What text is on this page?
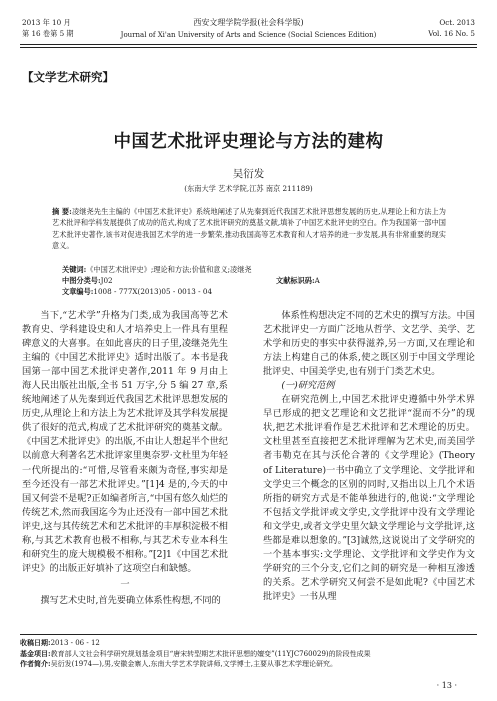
2013 年 10 月
第 16 卷第 5 期
西安文理学院学报(社会科学版)
Journal of Xi'an University of Arts and Science (Social Sciences Edition)
Oct. 2013
Vol. 16 No. 5
【文学艺术研究】
中国艺术批评史理论与方法的建构
吴衍发
(东南大学 艺术学院,江苏 南京 211189)
摘 要:凌继尧先生主编的《中国艺术批评史》系统地阐述了从先秦到近代我国艺术批评思想发展的历史,从理论上和方法上为艺术批评和学科发展提供了成功的范式,构成了艺术批评研究的奠基文献,填补了中国艺术批评史的空白。作为我国第一部中国艺术批评史著作,该书对促进我国艺术学的进一步繁荣,推动我国高等艺术教育和人才培养的进一步发展,具有非常重要的现实意义。
关键词:《中国艺术批评史》;理论和方法;价值和意义;凌继尧
中图分类号:J02	文献标识码:A
文章编号:1008 - 777X(2013)05 - 0013 - 04

当下,“艺术学”升格为门类,成为我国高等艺术教育史、学科建设史和人才培养史上一件具有里程碑意义的大喜事。在如此喜庆的日子里,凌继尧先生主编的《中国艺术批评史》适时出版了。本书是我国第一部中国艺术批评史著作,2011 年 9 月由上海人民出版社出版,全书 51 万字,分 5 编 27 章,系统地阐述了从先秦到近代我国艺术批评思想发展的历史,从理论上和方法上为艺术批评及其学科发展提供了很好的范式,构成了艺术批评研究的奠基文献。《中国艺术批评史》的出版,不由让人想起半个世纪以前意大利著名艺术批评家里奥奈罗·文杜里为年轻一代所提出的:“可惜,尽管看来颇为奇怪,事实却是至今还没有一部艺术批评史。”[1]4 是的,今天的中国又何尝不是呢?正如编者所言,“中国有悠久灿烂的传统艺术,然而我国迄今为止还没有一部中国艺术批评史,这与其传统艺术和艺术批评的丰厚积淀极不相称,与其艺术教育也极不相称,与其艺术专业本科生和研究生的庞大规模极不相称。”[2]1《中国艺术批评史》的出版正好填补了这项空白和缺憾。

一

撰写艺术史时,首先要确立体系性构想,不同的

体系性构想决定不同的艺术史的撰写方法。中国艺术批评史一方面广泛地从哲学、文艺学、美学、艺术学和历史的事实中获得滋养,另一方面,又在理论和方法上构建自己的体系,使之既区别于中国文学理论批评史、中国美学史,也有别于门类艺术史。

(一)研究范例

在研究范例上,中国艺术批评史遵循中外学术界早已形成的把文艺理论和文艺批评“混而不分”的现状,把艺术批评看作是艺术批评和艺术理论的历史。文杜里甚至直接把艺术批评理解为艺术史,而美国学者韦勒克在其与沃伦合著的《文学理论》(Theory of Literature)一书中确立了文学理论、文学批评和文学史三个概念的区别的同时,又指出以上几个术语所指的研究方式是不能单独进行的,他说:“文学理论不包括文学批评或文学史,文学批评中没有文学理论和文学史,或者文学史里欠缺文学理论与文学批评,这些都是难以想象的。”[3]诚然,这说说出了文学研究的一个基本事实:文学理论、文学批评和文学史作为文学研究的三个分支,它们之间的研究是一种相互渗透的关系。艺术学研究又何尝不是如此呢?《中国艺术批评史》一书从理

收稿日期:2013 - 06 - 12
基金项目:教育部人文社会科学研究规划基金项目“唐宋转型期艺术批评思想的嬗变”(11YJC760029)的阶段性成果
作者简介:吴衍发(1974—),男,安徽金寨人,东南大学艺术学院讲师,文学博士,主要从事艺术学理论研究。
· 13 ·
